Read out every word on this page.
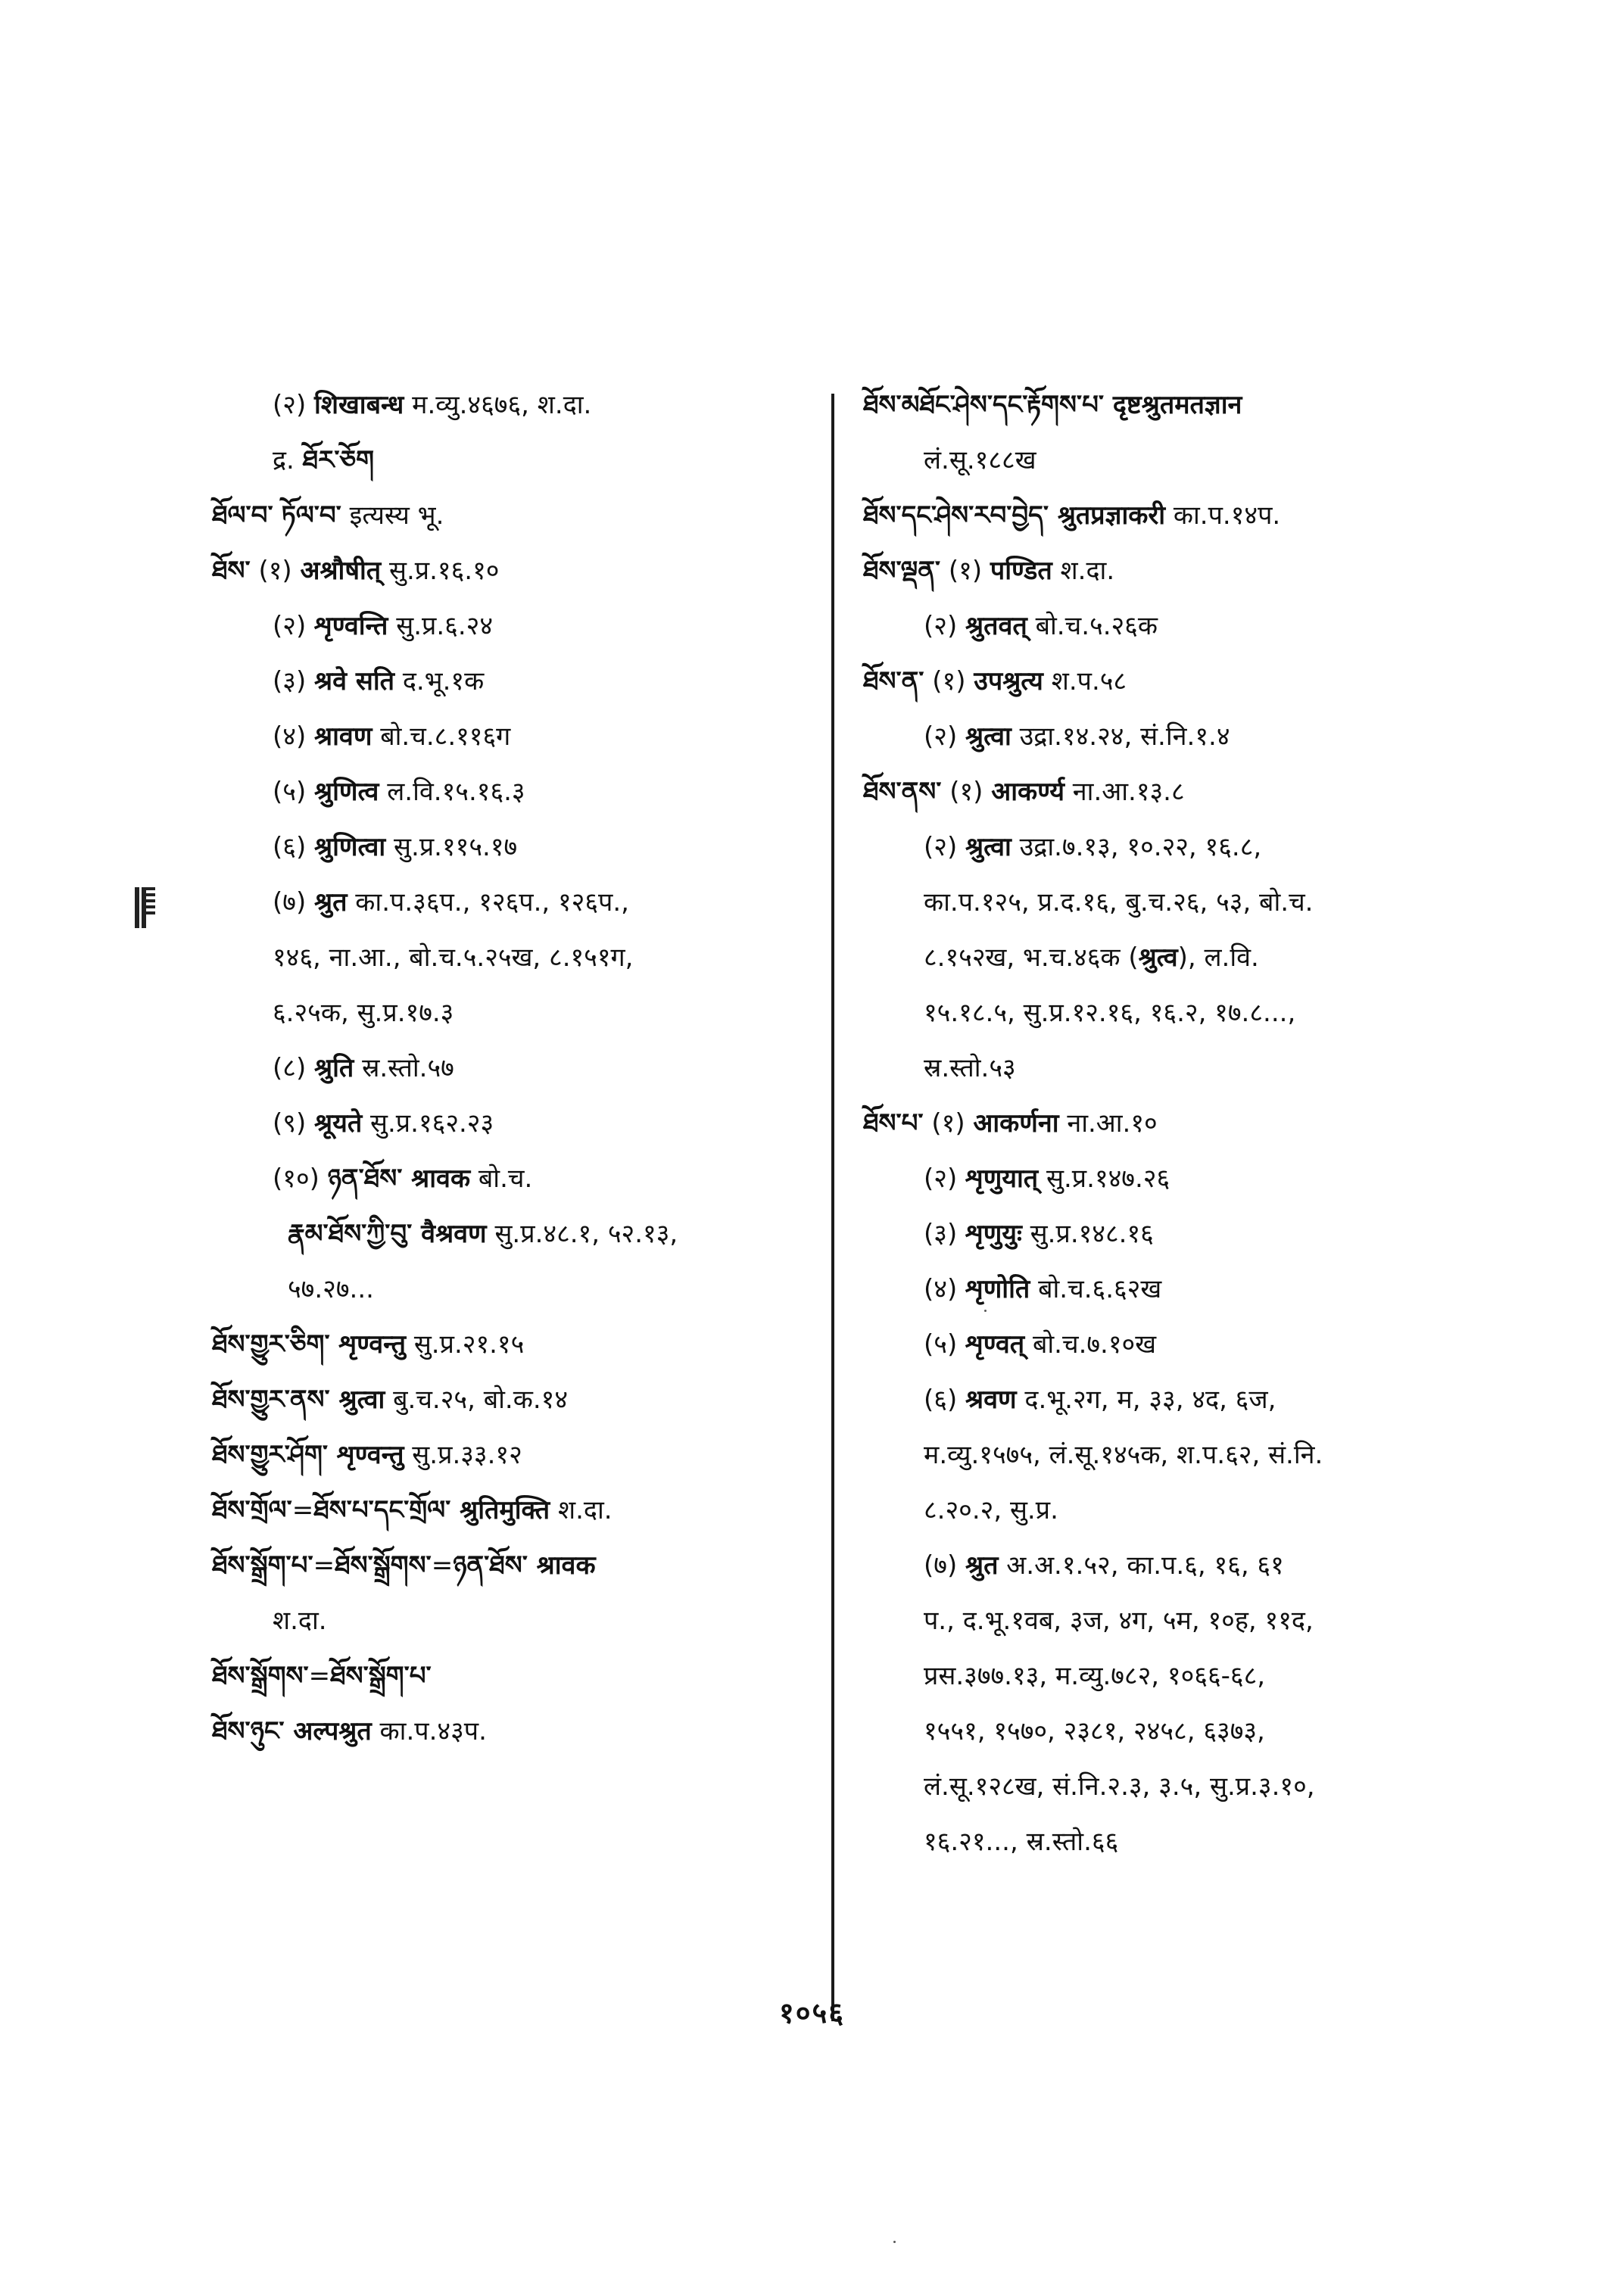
(२) शिखाबन्ध म.व्यु.४६७६, श.दा.
द्र. ཐོར་ཅོག
ཐོལ་བ་ ཏོལ་བ་ इत्यस्य भू.
ཐོས་ (१) अश्रौषीत् सु.प्र.१६.१०
(२) शृण्वन्ति सु.प्र.६.२४
(३) श्रवे सति द.भू.१क
(४) श्रावण बो.च.८.११६ग
(५) श्रुणित्व ल.वि.१५.१६.३
(६) श्रुणित्वा सु.प्र.११५.१७
(७) श्रुत का.प.३६प., १२६प., १२६प.,
१४६, ना.आ., बो.च.५.२५ख, ८.१५१ग,
६.२५क, सु.प्र.१७.३
(८) श्रुति स्र.स्तो.५७
(९) श्रूयते सु.प्र.१६२.२३
(१०) ཉན་ཐོས་ श्रावक बो.च.
རྣམ་ཐོས་ཀྱི་བུ་ वैश्रवण सु.प्र.४८.१, ५२.१३,
५७.२७...
ཐོས་གྱུར་ཅིག་ शृण्वन्तु सु.प्र.२१.१५
ཐོས་གྱུར་ནས་ श्रुत्वा बु.च.२५, बो.क.१४
ཐོས་གྱུར་ཤོག་ शृण्वन्तु सु.प्र.३३.१२
ཐོས་གྲོལ་=ཐོས་པ་དང་གྲོལ་ श्रुतिमुक्ति श.दा.
ཐོས་སྒྲོག་པ་=ཐོས་སྒྲོགས་=ཉན་ཐོས་ श्रावक
श.दा.
ཐོས་སྒྲོགས་=ཐོས་སྒྲོག་པ་
ཐོས་ཉུང་ अल्पश्रुत का.प.४३प.
ཐོས་མཐོང་ཤེས་དང་རྟོགས་པ་ दृष्टश्रुतमतज्ञान
लं.सू.१८८ख
ཐོས་དང་ཤེས་རབ་བྱེད་ श्रुतप्रज्ञाकरी का.प.१४प.
ཐོས་ལྡན་ (१) पण्डित श.दा.
(२) श्रुतवत् बो.च.५.२६क
ཐོས་ན་ (१) उपश्रुत्य श.प.५८
(२) श्रुत्वा उद्रा.१४.२४, सं.नि.१.४
ཐོས་ནས་ (१) आकर्ण्य ना.आ.१३.८
(२) श्रुत्वा उद्रा.७.१३, १०.२२, १६.८,
का.प.१२५, प्र.द.१६, बु.च.२६, ५३, बो.च.
८.१५२ख, भ.च.४६क (श्रुत्व), ल.वि.
१५.१८.५, सु.प्र.१२.१६, १६.२, १७.८...,
स्र.स्तो.५३
ཐོས་པ་ (१) आकर्णना ना.आ.१०
(२) शृणुयात् सु.प्र.१४७.२६
(३) शृणुयुः सु.प्र.१४८.१६
(४) शृणोति बो.च.६.६२ख
(५) शृण्वत् बो.च.७.१०ख
(६) श्रवण द.भू.२ग, म, ३३, ४द, ६ज,
म.व्यु.१५७५, लं.सू.१४५क, श.प.६२, सं.नि.
८.२०.२, सु.प्र.
(७) श्रुत अ.अ.१.५२, का.प.६, १६, ६१
प., द.भू.१वब, ३ज, ४ग, ५म, १०ह, ११द,
प्रस.३७७.१३, म.व्यु.७८२, १०६६-६८,
१५५१, १५७०, २३८१, २४५८, ६३७३,
लं.सू.१२८ख, सं.नि.२.३, ३.५, सु.प्र.३.१०,
१६.२१..., स्र.स्तो.६६
१०५६
